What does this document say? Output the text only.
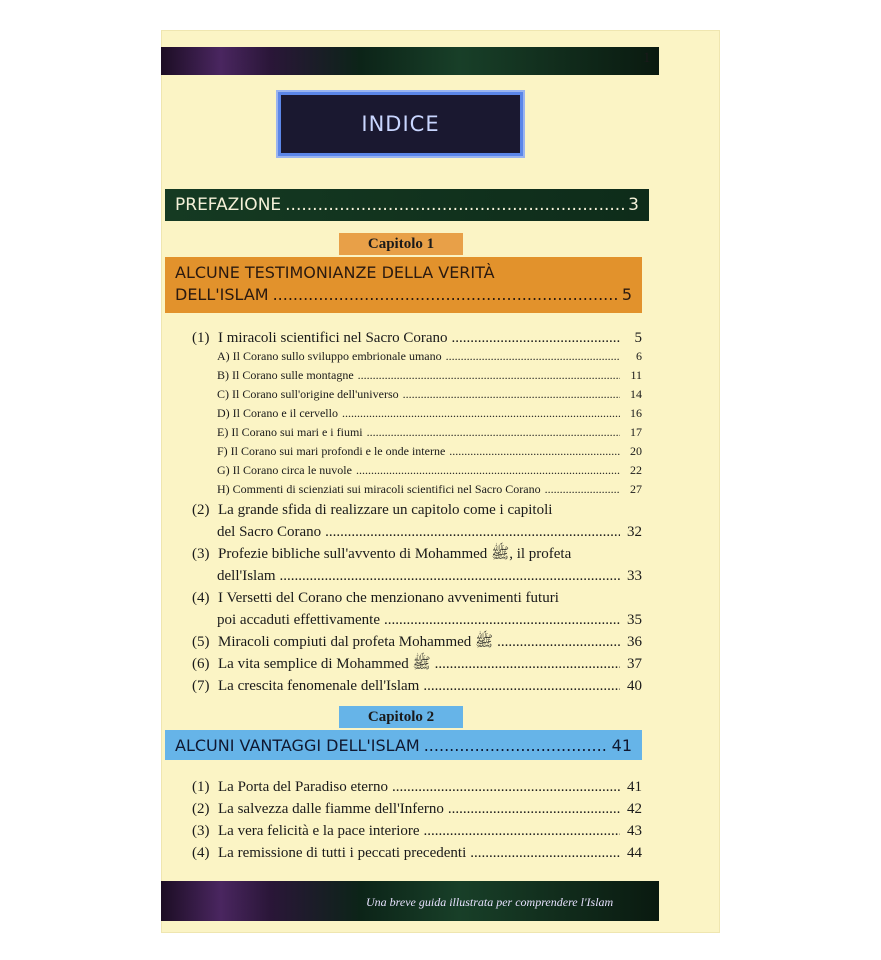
1
INDICE
PREFAZIONE .....	3
Capitolo 1
ALCUNE TESTIMONIANZE DELLA VERITÀ
DELL'ISLAM .....	5
(1) I miracoli scientifici nel Sacro Corano .....	5
A) Il Corano sullo sviluppo embrionale umano .....	6
B) Il Corano sulle montagne .....	11
C) Il Corano sull'origine dell'universo .....	14
D) Il Corano e il cervello .....	16
E) Il Corano sui mari e i fiumi .....	17
F) Il Corano sui mari profondi e le onde interne .....	20
G) Il Corano circa le nuvole .....	22
H) Commenti di scienziati sui miracoli scientifici nel Sacro Corano .....	27
(2) La grande sfida di realizzare un capitolo come i capitoli
del Sacro Corano .....	32
(3) Profezie bibliche sull'avvento di Mohammed ﷺ, il profeta
dell'Islam .....	33
(4) I Versetti del Corano che menzionano avvenimenti futuri
poi accaduti effettivamente .....	35
(5) Miracoli compiuti dal profeta Mohammed ﷺ .....	36
(6) La vita semplice di Mohammed ﷺ .....	37
(7) La crescita fenomenale dell'Islam .....	40
Capitolo 2
ALCUNI VANTAGGI DELL'ISLAM .....	41
(1) La Porta del Paradiso eterno .....	41
(2) La salvezza dalle fiamme dell'Inferno .....	42
(3) La vera felicità e la pace interiore .....	43
(4) La remissione di tutti i peccati precedenti .....	44
Una breve guida illustrata per comprendere l'Islam
